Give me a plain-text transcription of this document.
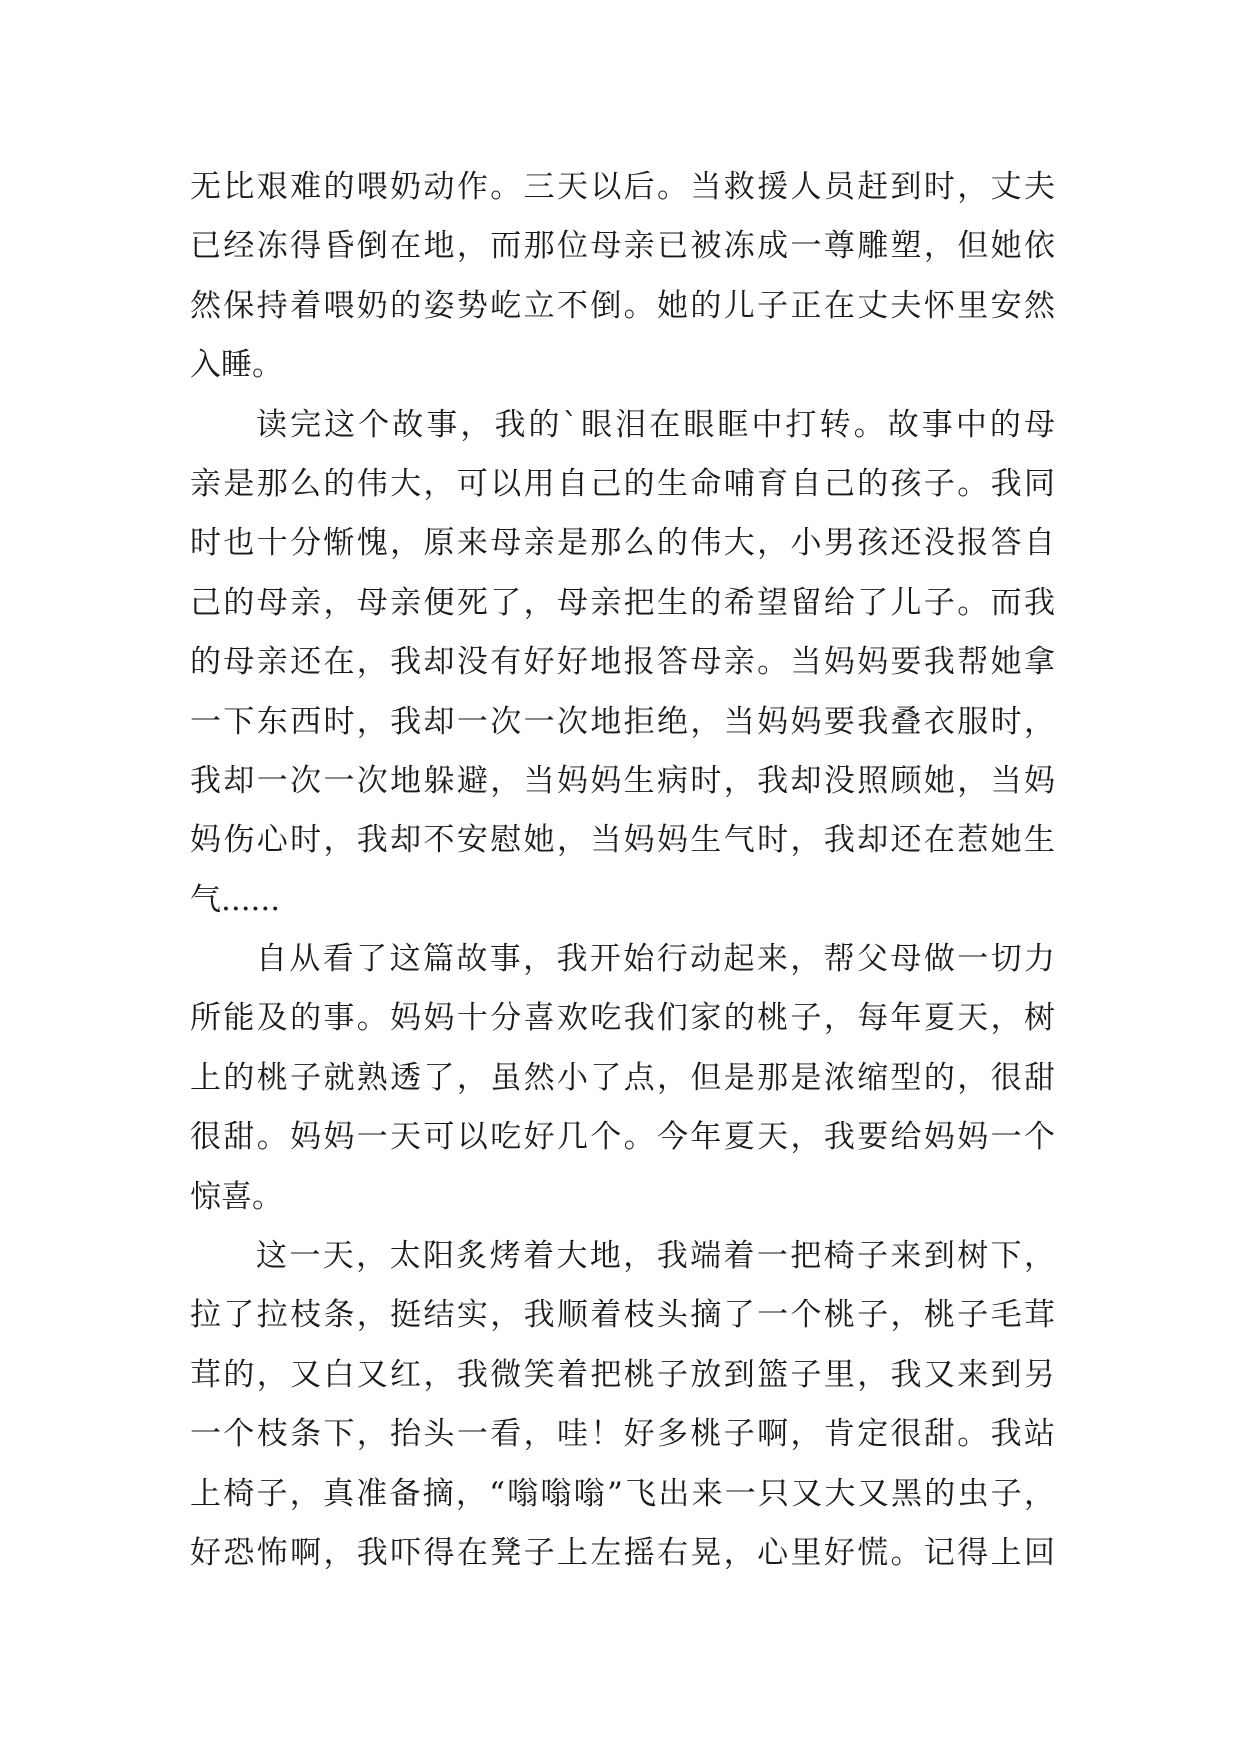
无比艰难的喂奶动作。三天以后。当救援人员赶到时，丈夫
已经冻得昏倒在地，而那位母亲已被冻成一尊雕塑，但她依
然保持着喂奶的姿势屹立不倒。她的儿子正在丈夫怀里安然
入睡。
读完这个故事，我的`眼泪在眼眶中打转。故事中的母
亲是那么的伟大，可以用自己的生命哺育自己的孩子。我同
时也十分惭愧，原来母亲是那么的伟大，小男孩还没报答自
己的母亲，母亲便死了，母亲把生的希望留给了儿子。而我
的母亲还在，我却没有好好地报答母亲。当妈妈要我帮她拿
一下东西时，我却一次一次地拒绝，当妈妈要我叠衣服时，
我却一次一次地躲避，当妈妈生病时，我却没照顾她，当妈
妈伤心时，我却不安慰她，当妈妈生气时，我却还在惹她生
气......
自从看了这篇故事，我开始行动起来，帮父母做一切力
所能及的事。妈妈十分喜欢吃我们家的桃子，每年夏天，树
上的桃子就熟透了，虽然小了点，但是那是浓缩型的，很甜
很甜。妈妈一天可以吃好几个。今年夏天，我要给妈妈一个
惊喜。
这一天，太阳炙烤着大地，我端着一把椅子来到树下，
拉了拉枝条，挺结实，我顺着枝头摘了一个桃子，桃子毛茸
茸的，又白又红，我微笑着把桃子放到篮子里，我又来到另
一个枝条下，抬头一看，哇！好多桃子啊，肯定很甜。我站
上椅子，真准备摘，“嗡嗡嗡”飞出来一只又大又黑的虫子，
好恐怖啊，我吓得在凳子上左摇右晃，心里好慌。记得上回
